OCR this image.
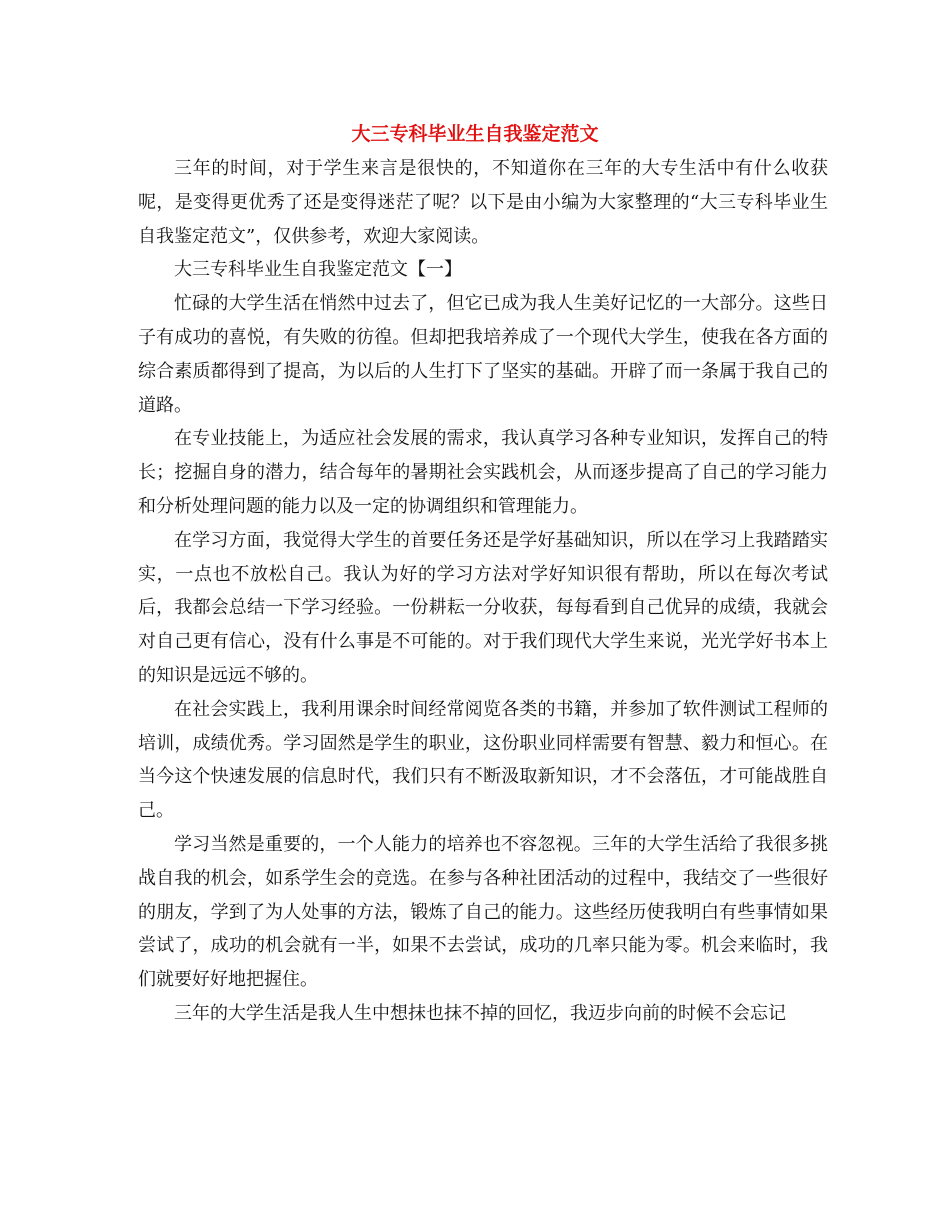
大三专科毕业生自我鉴定范文

三年的时间，对于学生来言是很快的，不知道你在三年的大专生活中有什么收获呢，是变得更优秀了还是变得迷茫了呢？以下是由小编为大家整理的“大三专科毕业生自我鉴定范文”，仅供参考，欢迎大家阅读。

大三专科毕业生自我鉴定范文【一】

忙碌的大学生活在悄然中过去了，但它已成为我人生美好记忆的一大部分。这些日子有成功的喜悦，有失败的彷徨。但却把我培养成了一个现代大学生，使我在各方面的综合素质都得到了提高，为以后的人生打下了坚实的基础。开辟了而一条属于我自己的道路。

在专业技能上，为适应社会发展的需求，我认真学习各种专业知识，发挥自己的特长；挖掘自身的潜力，结合每年的暑期社会实践机会，从而逐步提高了自己的学习能力和分析处理问题的能力以及一定的协调组织和管理能力。

在学习方面，我觉得大学生的首要任务还是学好基础知识，所以在学习上我踏踏实实，一点也不放松自己。我认为好的学习方法对学好知识很有帮助，所以在每次考试 后，我都会总结一下学习经验。一份耕耘一分收获，每每看到自己优异的成绩，我就会对自己更有信心，没有什么事是不可能的。对于我们现代大学生来说，光光学好书本上的知识是远远不够的。

在社会实践上，我利用课余时间经常阅览各类的书籍，并参加了软件测试工程师的培训，成绩优秀。学习固然是学生的职业，这份职业同样需要有智慧、毅力和恒心。在当今这个快速发展的信息时代，我们只有不断汲取新知识，才不会落伍，才可能战胜自己。

学习当然是重要的，一个人能力的培养也不容忽视。三年的大学生活给了我很多挑战自我的机会，如系学生会的竞选。在参与各种社团活动的过程中，我结交了一些很好的朋友，学到了为人处事的方法，锻炼了自己的能力。这些经历使我明白有些事情如果尝试了，成功的机会就有一半，如果不去尝试，成功的几率只能为零。机会来临时，我们就要好好地把握住。

三年的大学生活是我人生中想抹也抹不掉的回忆，我迈步向前的时候不会忘记
